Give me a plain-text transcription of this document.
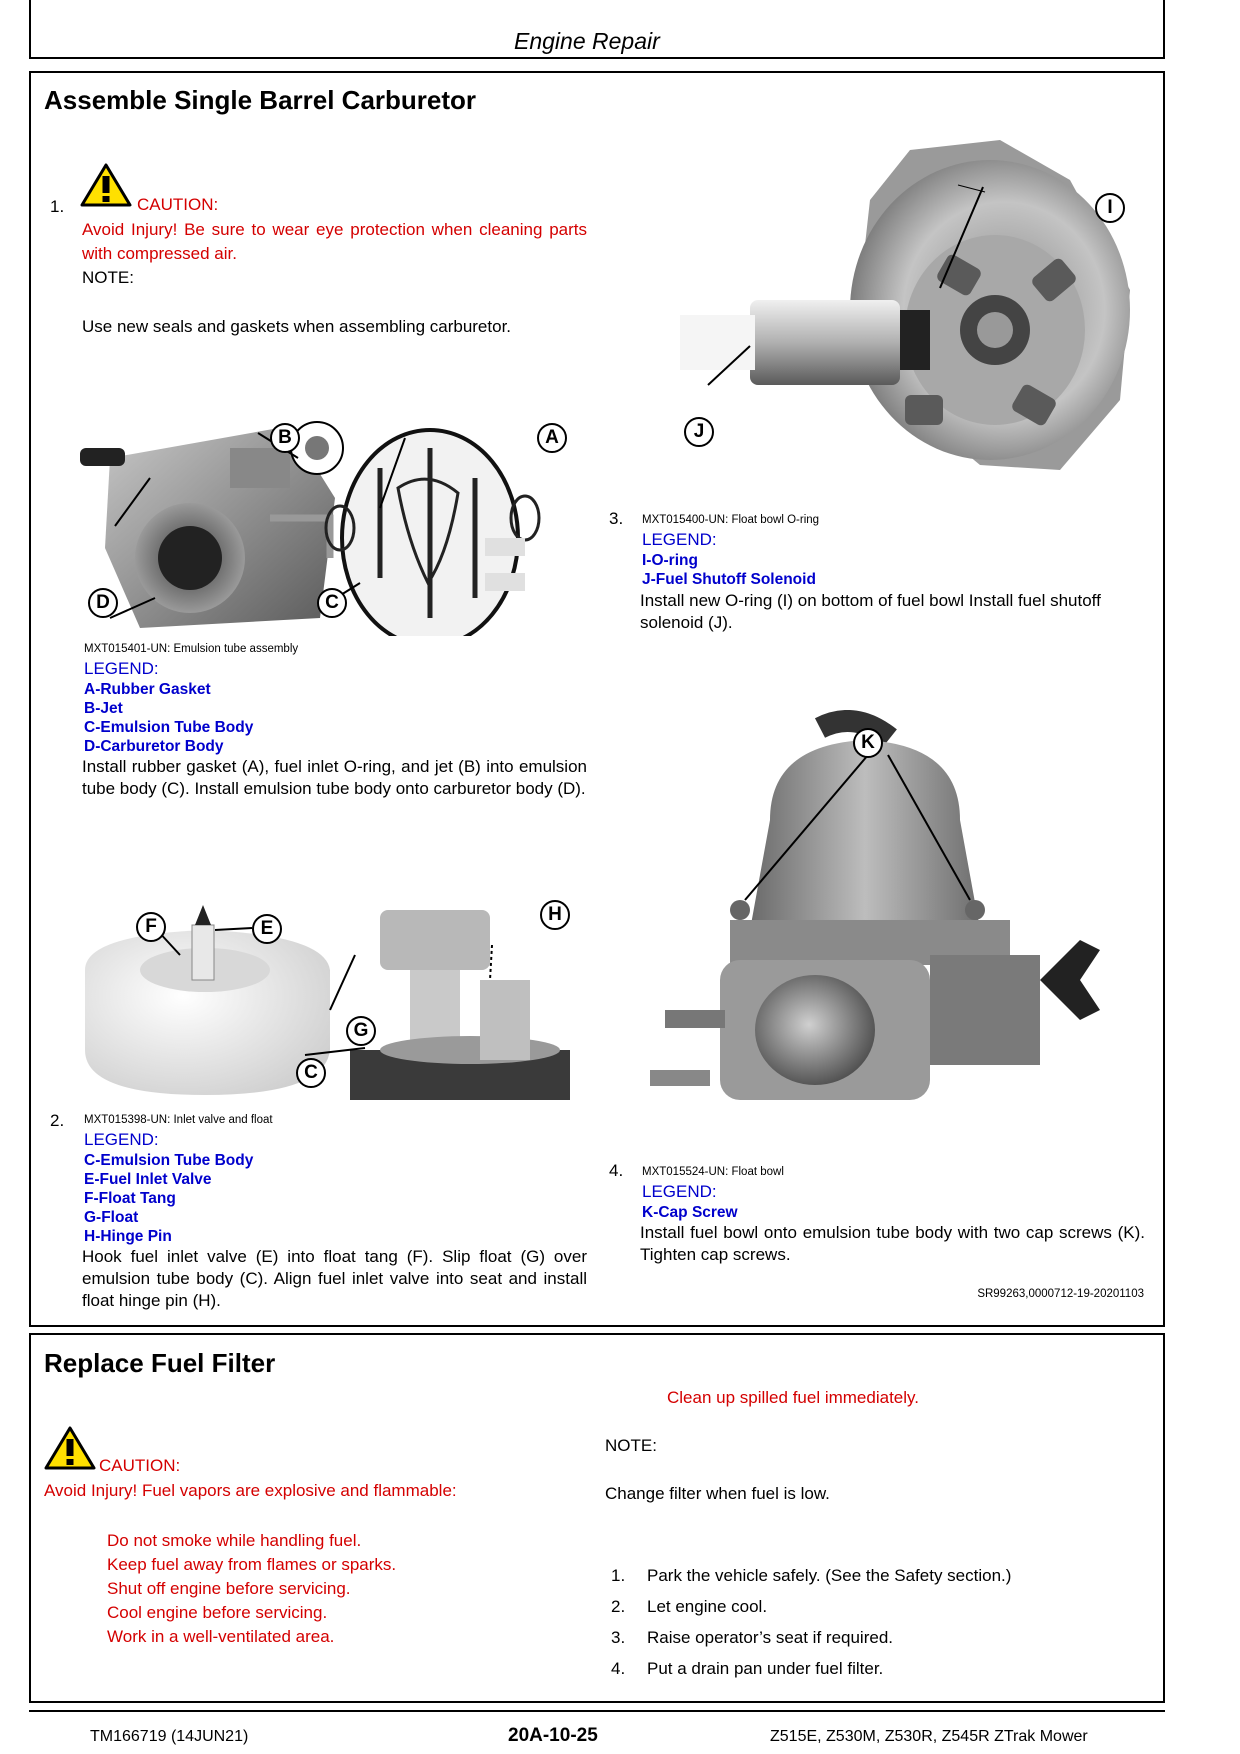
Engine Repair
Assemble Single Barrel Carburetor
1.	CAUTION:
Avoid Injury! Be sure to wear eye protection when cleaning parts with compressed air.
NOTE:
Use new seals and gaskets when assembling carburetor.
B	A
D	C
MXT015401-UN: Emulsion tube assembly
LEGEND:
A-Rubber Gasket
B-Jet
C-Emulsion Tube Body
D-Carburetor Body
Install rubber gasket (A), fuel inlet O-ring, and jet (B) into emulsion tube body (C). Install emulsion tube body onto carburetor body (D).
F	E
H
G
C
2. MXT015398-UN: Inlet valve and float
LEGEND:
C-Emulsion Tube Body
E-Fuel Inlet Valve
F-Float Tang
G-Float
H-Hinge Pin
Hook fuel inlet valve (E) into float tang (F). Slip float (G) over emulsion tube body (C). Align fuel inlet valve into seat and install float hinge pin (H).
I
J
3. MXT015400-UN: Float bowl O-ring
LEGEND:
I-O-ring
J-Fuel Shutoff Solenoid
Install new O-ring (I) on bottom of fuel bowl Install fuel shutoff solenoid (J).
K
4. MXT015524-UN: Float bowl
LEGEND:
K-Cap Screw
Install fuel bowl onto emulsion tube body with two cap screws (K). Tighten cap screws.
SR99263,0000712-19-20201103
Replace Fuel Filter
CAUTION:
Avoid Injury! Fuel vapors are explosive and flammable:
Do not smoke while handling fuel.
Keep fuel away from flames or sparks.
Shut off engine before servicing.
Cool engine before servicing.
Work in a well-ventilated area.
Clean up spilled fuel immediately.
NOTE:
Change filter when fuel is low.
1. Park the vehicle safely. (See the Safety section.)
2. Let engine cool.
3. Raise operator’s seat if required.
4. Put a drain pan under fuel filter.
TM166719 (14JUN21)	20A-10-25	Z515E, Z530M, Z530R, Z545R ZTrak Mower
